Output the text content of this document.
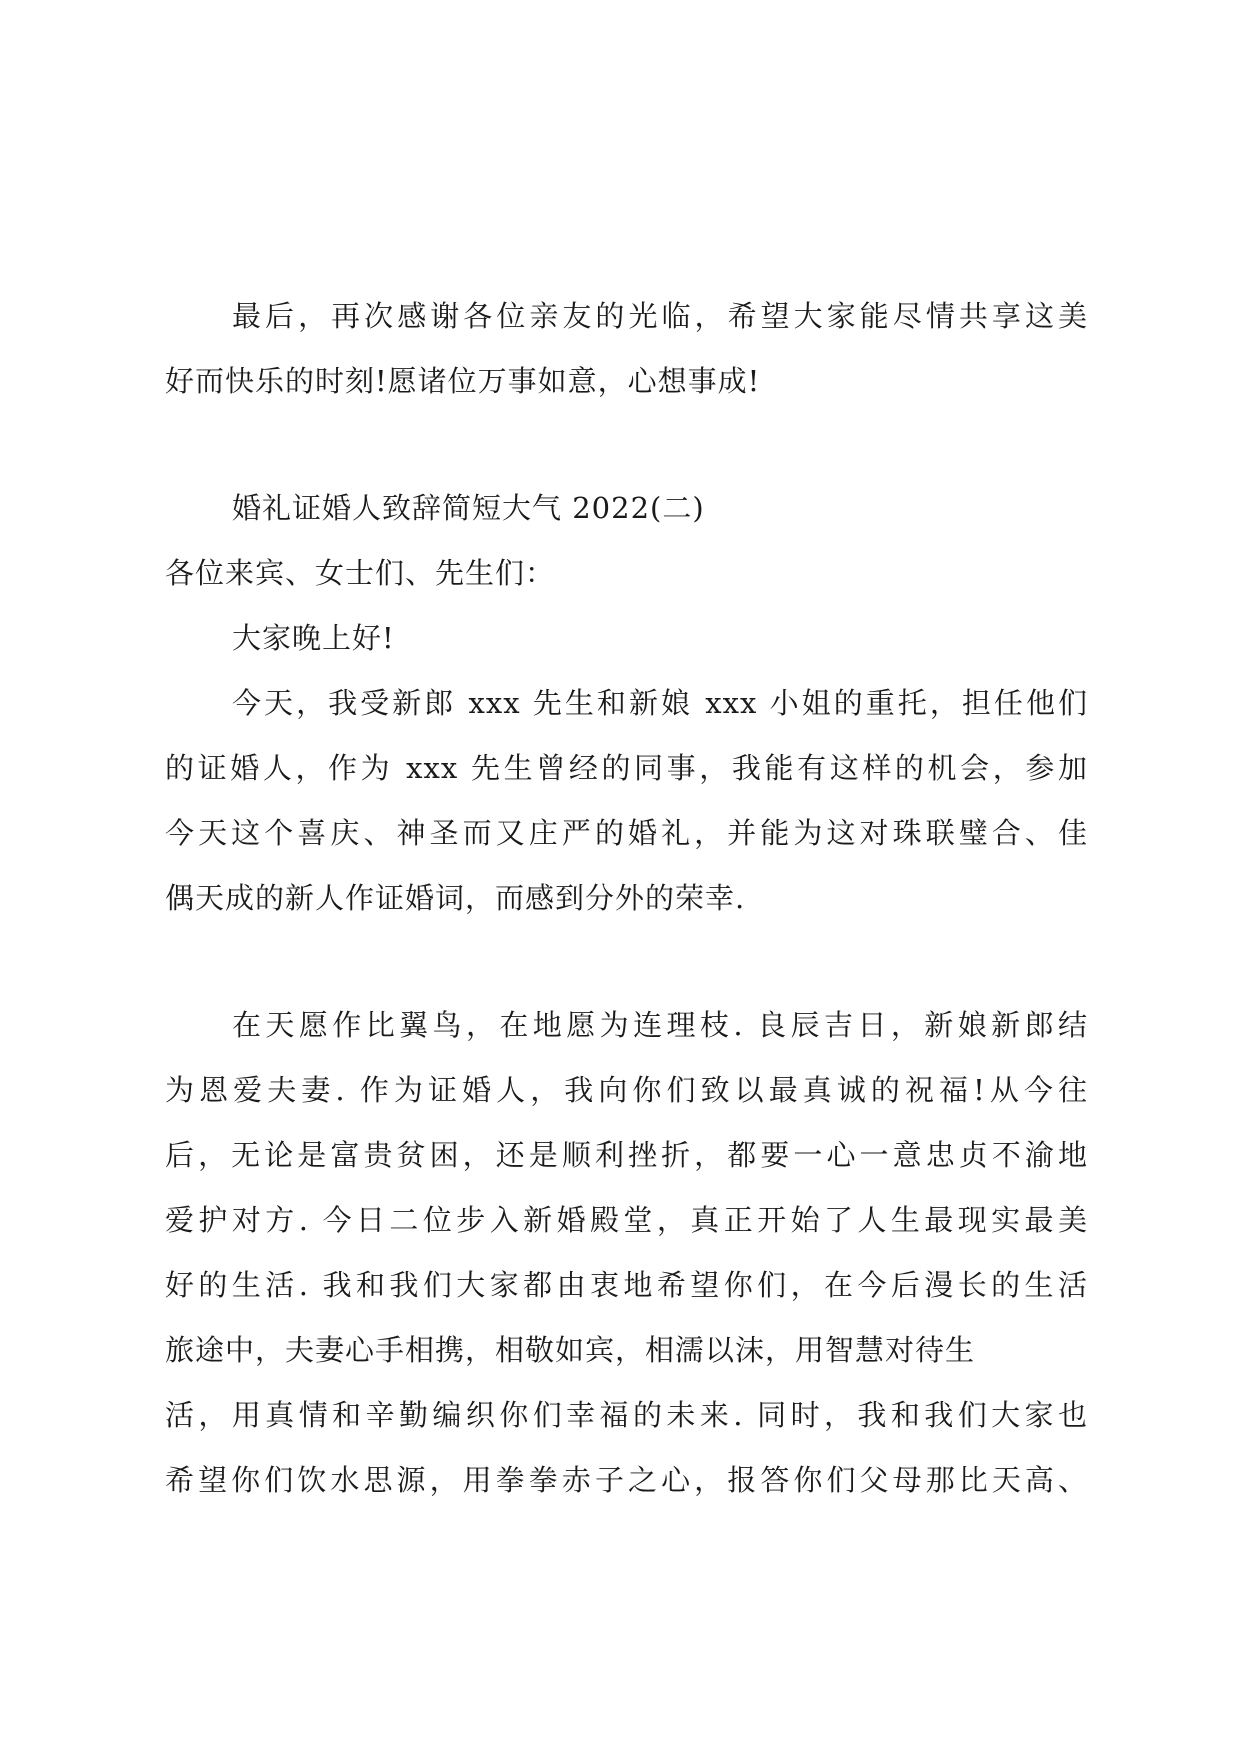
最后，再次感谢各位亲友的光临，希望大家能尽情共享这美
好而快乐的时刻!愿诸位万事如意，心想事成!
婚礼证婚人致辞简短大气 2022(二)
各位来宾、女士们、先生们：
大家晚上好!
今天，我受新郎 xxx 先生和新娘 xxx 小姐的重托，担任他们
的证婚人，作为 xxx 先生曾经的同事，我能有这样的机会，参加
今天这个喜庆、神圣而又庄严的婚礼，并能为这对珠联璧合、佳
偶天成的新人作证婚词，而感到分外的荣幸.
在天愿作比翼鸟，在地愿为连理枝. 良辰吉日，新娘新郎结
为恩爱夫妻. 作为证婚人，我向你们致以最真诚的祝福!从今往
后，无论是富贵贫困，还是顺利挫折，都要一心一意忠贞不渝地
爱护对方. 今日二位步入新婚殿堂，真正开始了人生最现实最美
好的生活. 我和我们大家都由衷地希望你们，在今后漫长的生活
旅途中，夫妻心手相携，相敬如宾，相濡以沫，用智慧对待生
活，用真情和辛勤编织你们幸福的未来. 同时，我和我们大家也
希望你们饮水思源，用拳拳赤子之心，报答你们父母那比天高、
